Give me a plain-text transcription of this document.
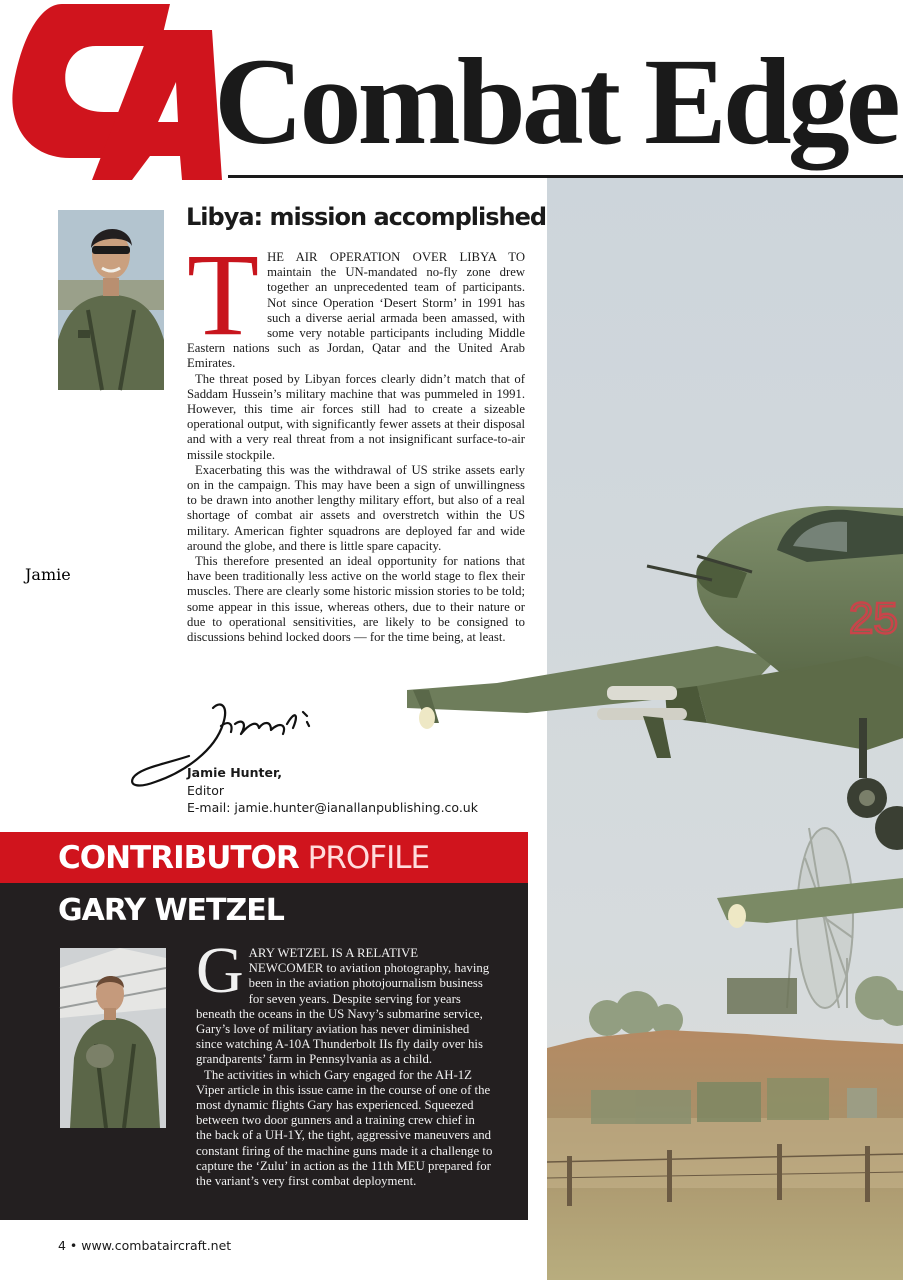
Combat Edge
25
Libya: mission accomplished

THE AIR OPERATION OVER LIBYA TO maintain the UN-mandated no-fly zone drew together an unprecedented team of participants. Not since Operation ‘Desert Storm’ in 1991 has such a diverse aerial armada been amassed, with some very notable participants including Middle Eastern nations such as Jordan, Qatar and the United Arab Emirates.

The threat posed by Libyan forces clearly didn’t match that of Saddam Hussein’s military machine that was pummeled in 1991. However, this time air forces still had to create a sizeable operational output, with significantly fewer assets at their disposal and with a very real threat from a not insignificant surface-to-air missile stockpile.

Exacerbating this was the withdrawal of US strike assets early on in the campaign. This may have been a sign of unwillingness to be drawn into another lengthy military effort, but also of a real shortage of combat air assets and overstretch within the US military. American fighter squadrons are deployed far and wide around the globe, and there is little spare capacity.

This therefore presented an ideal opportunity for nations that have been traditionally less active on the world stage to flex their muscles. There are clearly some historic mission stories to be told; some appear in this issue, whereas others, due to their nature or due to operational sensitivities, are likely to be consigned to discussions behind locked doors — for the time being, at least.

Jamie
Jamie Hunter,
Editor
E-mail: jamie.hunter@ianallanpublishing.co.uk
CONTRIBUTOR PROFILE
GARY WETZEL

GARY WETZEL IS A RELATIVE NEWCOMER to aviation photography, having been in the aviation photojournalism business for seven years. Despite serving for years beneath the oceans in the US Navy’s submarine service, Gary’s love of military aviation has never diminished since watching A-10A Thunderbolt IIs fly daily over his grandparents’ farm in Pennsylvania as a child.

The activities in which Gary engaged for the AH-1Z Viper article in this issue came in the course of one of the most dynamic flights Gary has experienced. Squeezed between two door gunners and a training crew chief in the back of a UH-1Y, the tight, aggressive maneuvers and constant firing of the machine guns made it a challenge to capture the ‘Zulu’ in action as the 11th MEU prepared for the variant’s very first combat deployment.

4 • www.combataircraft.net
